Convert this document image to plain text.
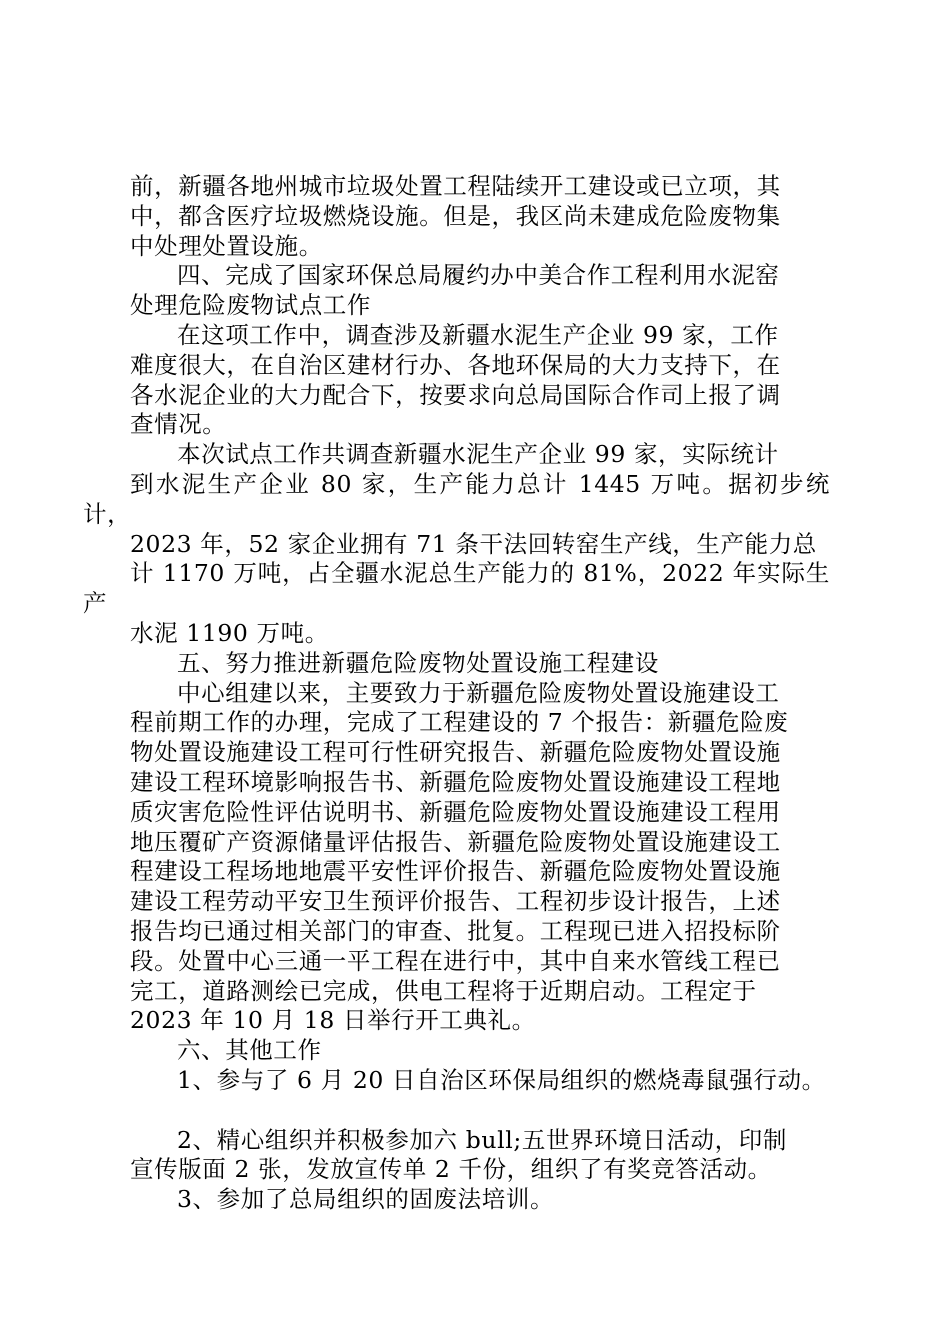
前，新疆各地州城市垃圾处置工程陆续开工建设或已立项，其
中，都含医疗垃圾燃烧设施。但是，我区尚未建成危险废物集
中处理处置设施。

四、完成了国家环保总局履约办中美合作工程利用水泥窑
处理危险废物试点工作

在这项工作中，调查涉及新疆水泥生产企业 99 家，工作
难度很大，在自治区建材行办、各地环保局的大力支持下，在
各水泥企业的大力配合下，按要求向总局国际合作司上报了调
查情况。

本次试点工作共调查新疆水泥生产企业 99 家，实际统计
到水泥生产企业 80 家，生产能力总计 1445 万吨。据初步统计，
2023 年，52 家企业拥有 71 条干法回转窑生产线，生产能力总
计 1170 万吨，占全疆水泥总生产能力的 81%，2022 年实际生产
水泥 1190 万吨。

五、努力推进新疆危险废物处置设施工程建设

中心组建以来，主要致力于新疆危险废物处置设施建设工
程前期工作的办理，完成了工程建设的 7 个报告：新疆危险废
物处置设施建设工程可行性研究报告、新疆危险废物处置设施
建设工程环境影响报告书、新疆危险废物处置设施建设工程地
质灾害危险性评估说明书、新疆危险废物处置设施建设工程用
地压覆矿产资源储量评估报告、新疆危险废物处置设施建设工
程建设工程场地地震平安性评价报告、新疆危险废物处置设施
建设工程劳动平安卫生预评价报告、工程初步设计报告，上述
报告均已通过相关部门的审查、批复。工程现已进入招投标阶
段。处置中心三通一平工程在进行中，其中自来水管线工程已
完工，道路测绘已完成，供电工程将于近期启动。工程定于
2023 年 10 月 18 日举行开工典礼。

六、其他工作

1、参与了 6 月 20 日自治区环保局组织的燃烧毒鼠强行动。

2、精心组织并积极参加六 bull;五世界环境日活动，印制
宣传版面 2 张，发放宣传单 2 千份，组织了有奖竞答活动。

3、参加了总局组织的固废法培训。
